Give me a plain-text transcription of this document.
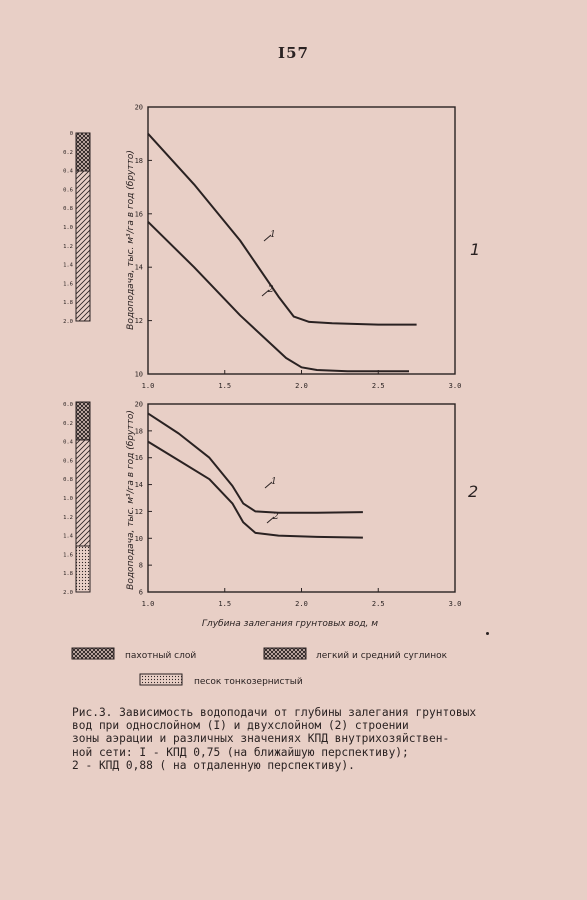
I57
Водоподача, тыс. м³/га в год (брутто)
10
12
14
16
18
20
1.0	1.5	2.0	2.5	3.0
1
2
1
Водоподача, тыс. м³/га в год (брутто)
6
8
10
12
14
16
18
20
1.0	1.5	2.0	2.5	3.0
1
2
Глубина залегания грунтовых вод, м
2
0
0.2
0.4
0.6
0.8
1.0
1.2
1.4
1.6
1.8
2.0
0.0
0.2
0.4
0.6
0.8
1.0
1.2
1.4
1.6
1.8
2.0
пахотный слой	легкий и средний суглинок
песок тонкозернистый
Рис.3. Зависимость водоподачи от глубины залегания грунтовых
вод при однослойном (I) и двухслойном (2) строении
зоны аэрации и различных значениях КПД внутрихозяйствен-
ной сети: I - КПД 0,75 (на ближайшую перспективу);
2 - КПД 0,88 ( на отдаленную перспективу).
